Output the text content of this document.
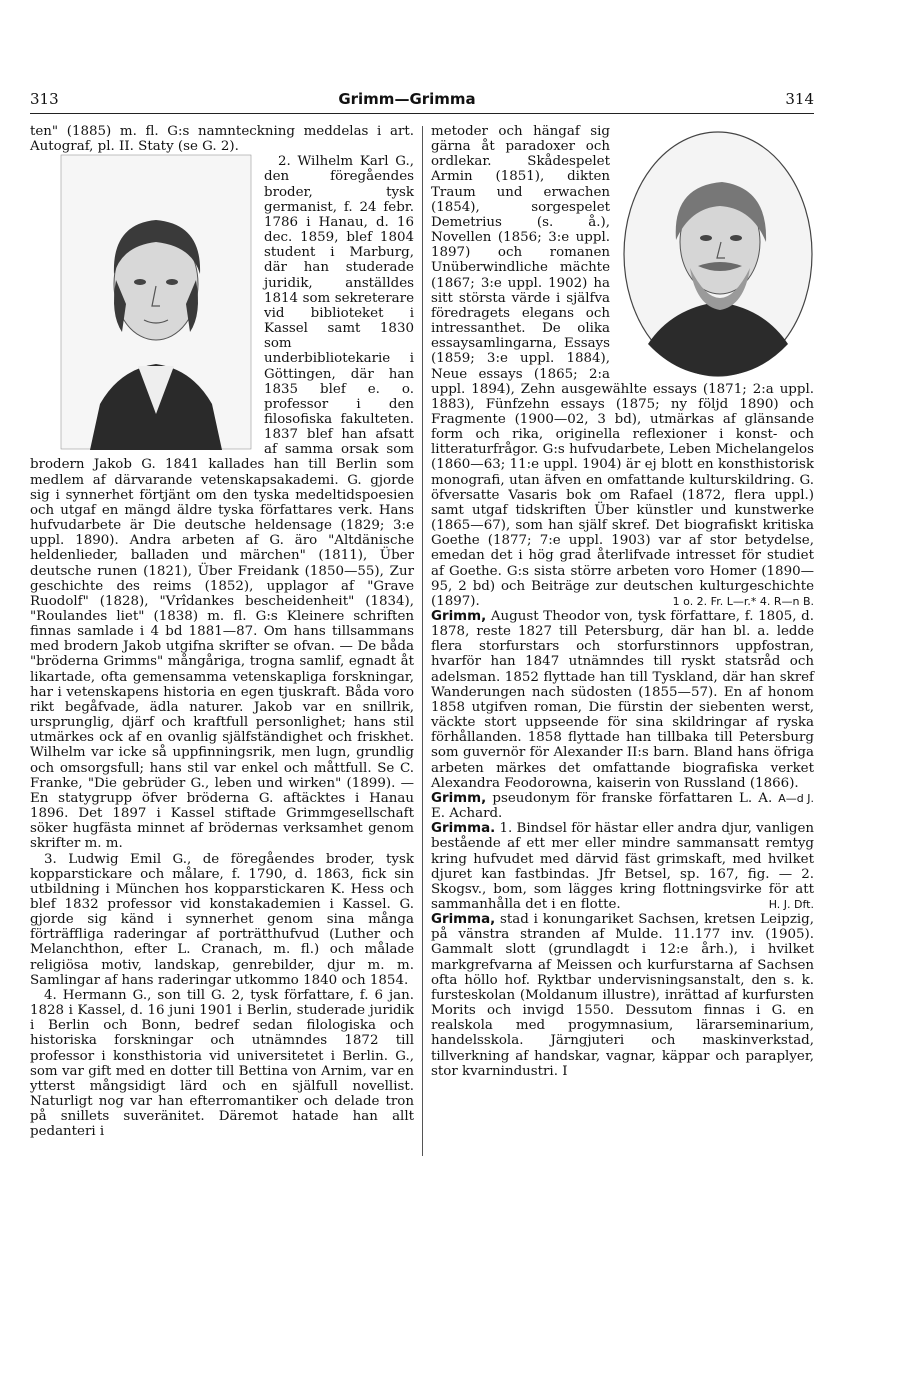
313	Grimm—Grimma	314

ten" (1885) m. fl. G:s namnteckning meddelas i art. Autograf, pl. II. Staty (se G. 2).

2. Wilhelm Karl G., den föregåendes broder, tysk germanist, f. 24 febr. 1786 i Hanau, d. 16 dec. 1859, blef 1804 student i Marburg, där han studerade juridik, anställdes 1814 som sekreterare vid biblioteket i Kassel samt 1830 som underbibliotekarie i Göttingen, där han 1835 blef e. o. professor i den filosofiska fakulteten. 1837 blef han afsatt af samma orsak som brodern Jakob G. 1841 kallades han till Berlin som medlem af därvarande vetenskapsakademi. G. gjorde sig i synnerhet förtjänt om den tyska medeltidspoesien och utgaf en mängd äldre tyska författares verk. Hans hufvudarbete är Die deutsche heldensage (1829; 3:e uppl. 1890). Andra arbeten af G. äro "Altdänische heldenlieder, balladen und märchen" (1811), Über deutsche runen (1821), Über Freidank (1850—55), Zur geschichte des reims (1852), upplagor af "Grave Ruodolf" (1828), "Vrîdankes bescheidenheit" (1834), "Roulandes liet" (1838) m. fl. G:s Kleinere schriften finnas samlade i 4 bd 1881—87. Om hans tillsammans med brodern Jakob utgifna skrifter se ofvan. — De båda "bröderna Grimms" mångåriga, trogna samlif, egnadt åt likartade, ofta gemensamma vetenskapliga forskningar, har i vetenskapens historia en egen tjuskraft. Båda voro rikt begåfvade, ädla naturer. Jakob var en snillrik, ursprunglig, djärf och kraftfull personlighet; hans stil utmärkes ock af en ovanlig själfständighet och friskhet. Wilhelm var icke så uppfinningsrik, men lugn, grundlig och omsorgsfull; hans stil var enkel och måttfull. Se C. Franke, "Die gebrüder G., leben und wirken" (1899). — En statygrupp öfver bröderna G. aftäcktes i Hanau 1896. Det 1897 i Kassel stiftade Grimmgesellschaft söker hugfästa minnet af brödernas verksamhet genom skrifter m. m.

3. Ludwig Emil G., de föregåendes broder, tysk kopparstickare och målare, f. 1790, d. 1863, fick sin utbildning i München hos kopparstickaren K. Hess och blef 1832 professor vid konstakademien i Kassel. G. gjorde sig känd i synnerhet genom sina många förträffliga raderingar af porträtthufvud (Luther och Melanchthon, efter L. Cranach, m. fl.) och målade religiösa motiv, landskap, genrebilder, djur m. m. Samlingar af hans raderingar utkommo 1840 och 1854.

4. Hermann G., son till G. 2, tysk författare, f. 6 jan. 1828 i Kassel, d. 16 juni 1901 i Berlin, studerade juridik i Berlin och Bonn, bedref sedan filologiska och historiska forskningar och utnämndes 1872 till professor i konsthistoria vid universitetet i Berlin. G., som var gift med en dotter till Bettina von Arnim, var en ytterst mångsidigt lärd och en själfull novellist. Naturligt nog var han efterromantiker och delade tron på snillets suveränitet. Däremot hatade han allt pedanteri i

metoder och hängaf sig gärna åt paradoxer och ordlekar. Skådespelet Armin (1851), dikten Traum und erwachen (1854), sorgespelet Demetrius (s. å.), Novellen (1856; 3:e uppl. 1897) och romanen Unüberwindliche mächte (1867; 3:e uppl. 1902) ha sitt största värde i själfva föredragets elegans och intressanthet. De olika essaysamlingarna, Essays (1859; 3:e uppl. 1884), Neue essays (1865; 2:a uppl. 1894), Zehn ausgewählte essays (1871; 2:a uppl. 1883), Fünfzehn essays (1875; ny följd 1890) och Fragmente (1900—02, 3 bd), utmärkas af glänsande form och rika, originella reflexioner i konst- och litteraturfrågor. G:s hufvudarbete, Leben Michelangelos (1860—63; 11:e uppl. 1904) är ej blott en konsthistorisk monografi, utan äfven en omfattande kulturskildring. G. öfversatte Vasaris bok om Rafael (1872, flera uppl.) samt utgaf tidskriften Über künstler und kunstwerke (1865—67), som han själf skref. Det biografiskt kritiska Goethe (1877; 7:e uppl. 1903) var af stor betydelse, emedan det i hög grad återlifvade intresset för studiet af Goethe. G:s sista större arbeten voro Homer (1890—95, 2 bd) och Beiträge zur deutschen kulturgeschichte (1897).	1 o. 2. Fr. L—r.* 4. R—n B.

Grimm, August Theodor von, tysk författare, f. 1805, d. 1878, reste 1827 till Petersburg, där han bl. a. ledde flera storfurstars och storfurstinnors uppfostran, hvarför han 1847 utnämndes till ryskt statsråd och adelsman. 1852 flyttade han till Tyskland, där han skref Wanderungen nach südosten (1855—57). En af honom 1858 utgifven roman, Die fürstin der siebenten werst, väckte stort uppseende för sina skildringar af ryska förhållanden. 1858 flyttade han tillbaka till Petersburg som guvernör för Alexander II:s barn. Bland hans öfriga arbeten märkes det omfattande biografiska verket Alexandra Feodorowna, kaiserin von Russland (1866).
A—d J.

Grimm, pseudonym för franske författaren L. A. E. Achard.

Grimma. 1. Bindsel för hästar eller andra djur, vanligen bestående af ett mer eller mindre sammansatt remtyg kring hufvudet med därvid fäst grimskaft, med hvilket djuret kan fastbindas. Jfr Betsel, sp. 167, fig. — 2. Skogsv., bom, som lägges kring flottningsvirke för att sammanhålla det i en flotte.	H. J. Dft.

Grimma, stad i konungariket Sachsen, kretsen Leipzig, på vänstra stranden af Mulde. 11.177 inv. (1905). Gammalt slott (grundlagdt i 12:e årh.), i hvilket markgrefvarna af Meissen och kurfurstarna af Sachsen ofta höllo hof. Ryktbar undervisningsanstalt, den s. k. fursteskolan (Moldanum illustre), inrättad af kurfursten Morits och invigd 1550. Dessutom finnas i G. en realskola med progymnasium, lärarseminarium, handelsskola. Järngjuteri och maskinverkstad, tillverkning af handskar, vagnar, käppar och paraplyer, stor kvarnindustri. I
